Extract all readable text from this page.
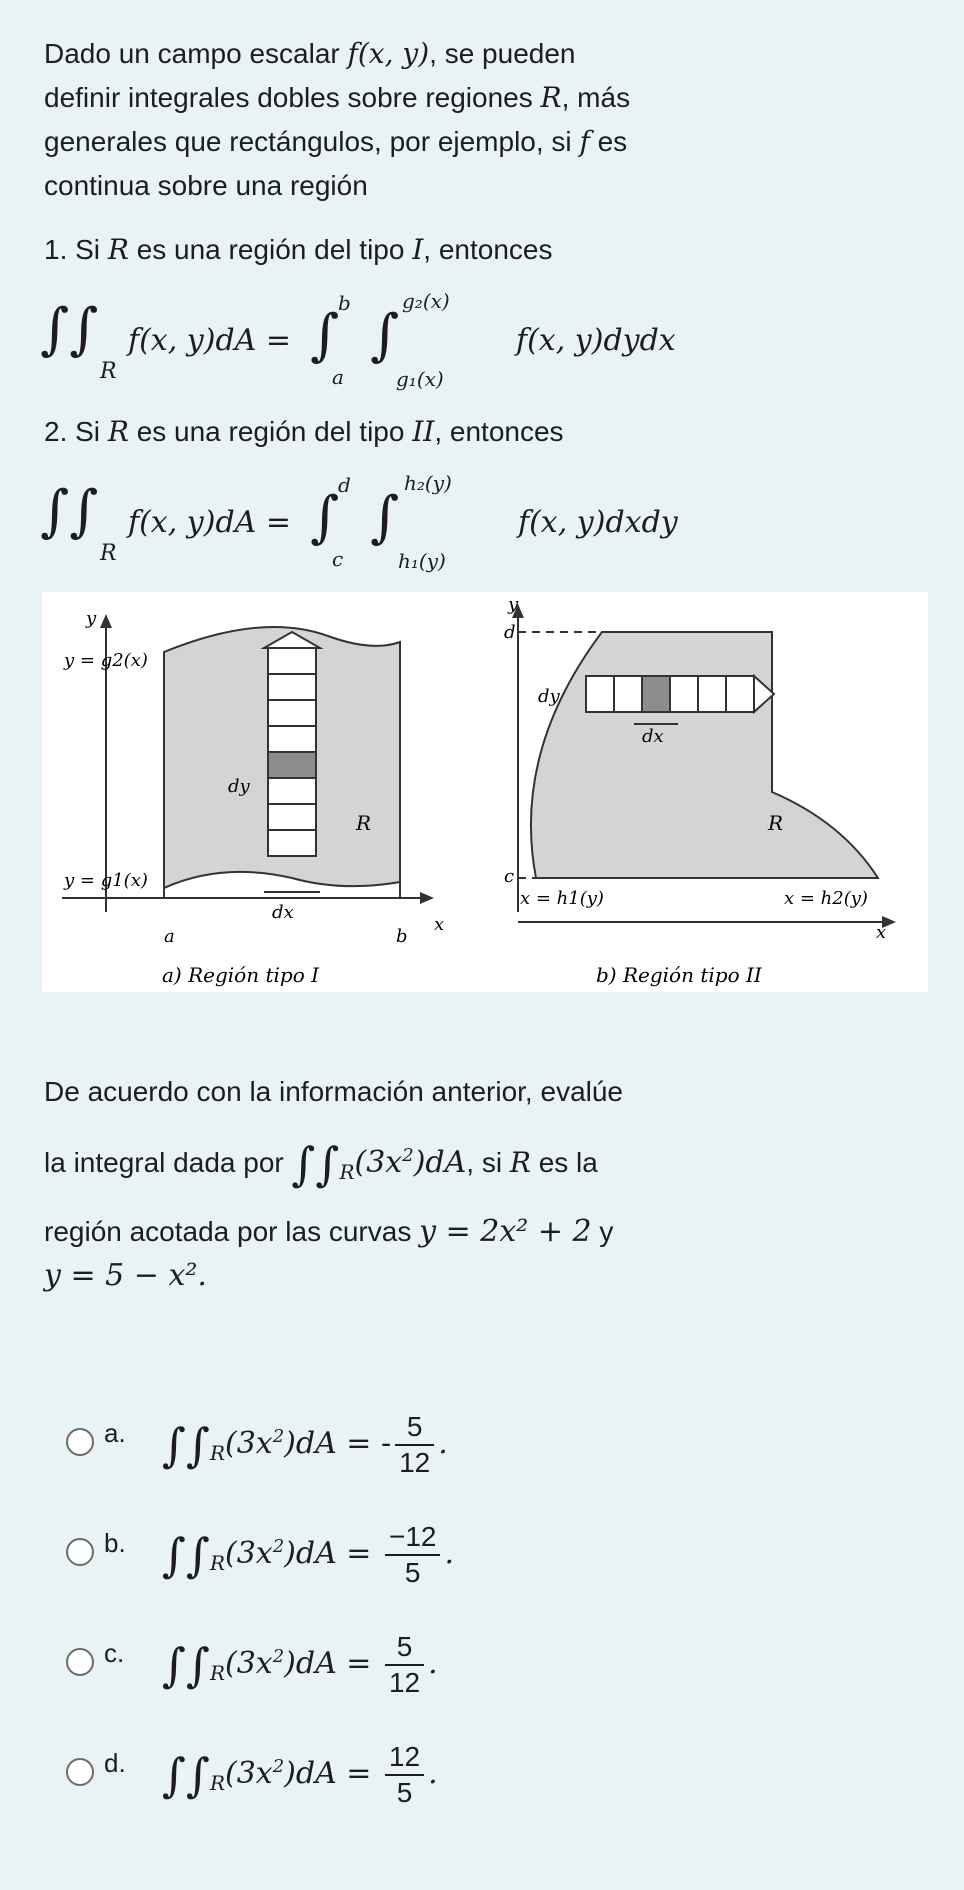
Dado un campo escalar f(x, y), se pueden
definir integrales dobles sobre regiones R, más
generales que rectángulos, por ejemplo, si f es
continua sobre una región
1. Si R es una región del tipo I, entonces
∫∫
R
f(x, y)dA = ∫
b
a
∫
g₂(x)
g₁(x)
f(x, y)dydx
2. Si R es una región del tipo II, entonces
∫∫
R
f(x, y)dA = ∫
d
c
∫
h₂(y)
h₁(y)
f(x, y)dxdy
y
y = g2(x)
y = g1(x)
dy
dx
R
a	b
x
a) Región tipo I
y
d
c
dy
dx
R
x = h1(y)	x = h2(y)
x
b) Región tipo II
De acuerdo con la información anterior, evalúe
la integral dada por $\int\int_R(3x^2)dA$, si R es la
región acotada por las curvas y = 2x² + 2 y
y = 5 − x².
a. $\int\int_R(3x^2)dA$ = - $\frac{5}{12}$ .
b. $\int\int_R(3x^2)dA = \frac{-12}{5}$ .
c. $\int\int_R(3x^2)dA = \frac{5}{12}$ .
d. $\int\int_R(3x^2)dA = \frac{12}{5}$ .
